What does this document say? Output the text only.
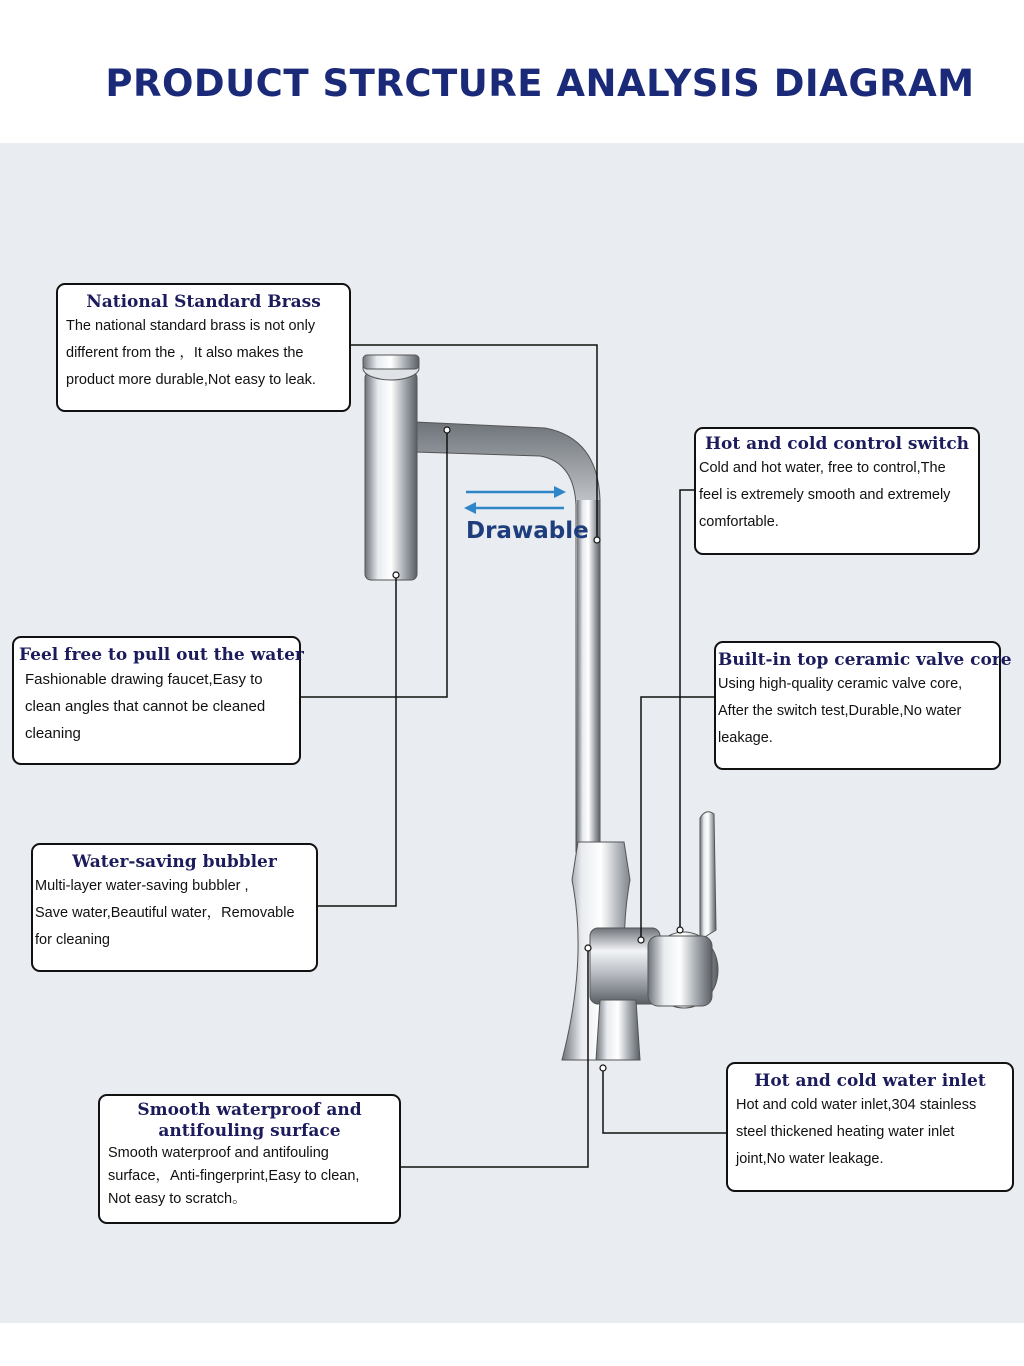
PRODUCT STRCTURE ANALYSIS DIAGRAM
Drawable
National Standard Brass
The national standard brass is not only
different from the ，It also makes the
product more durable,Not easy to leak.
Hot and cold control switch
Cold and hot water, free to control,The
feel is extremely smooth and extremely
comfortable.
Feel free to pull out the water
Fashionable drawing faucet,Easy to
clean angles that cannot be cleaned
cleaning
Built-in top ceramic valve core
Using high-quality ceramic valve core,
After the switch test,Durable,No water
leakage.
Water-saving bubbler
Multi-layer water-saving bubbler ,
Save water,Beautiful water，Removable
for cleaning
Smooth waterproof and
antifouling surface
Smooth waterproof and antifouling
surface，Anti-fingerprint,Easy to clean,
Not easy to scratch。
Hot and cold water inlet
Hot and cold water inlet,304 stainless
steel thickened heating water inlet
joint,No water leakage.
